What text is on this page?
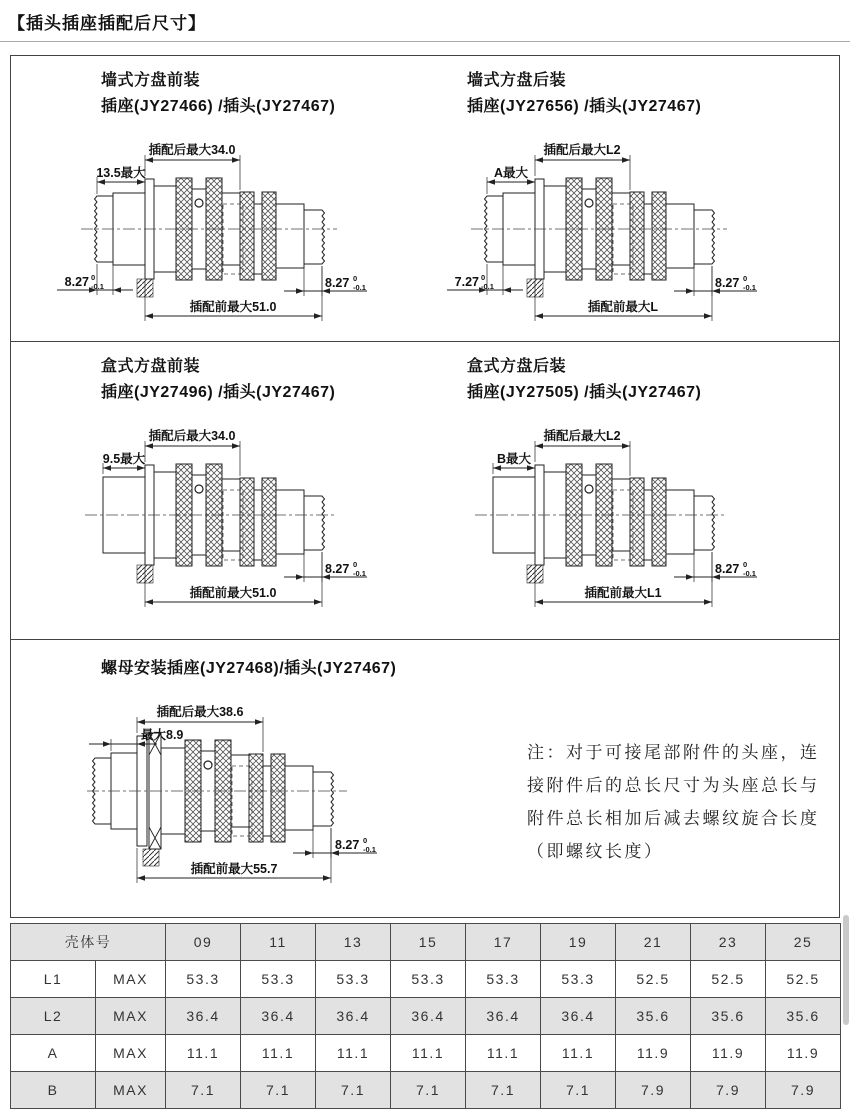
【插头插座插配后尺寸】
墙式方盘前装
插座(JY27466) /插头(JY27467)
插配后最大34.0
13.5最大
8.27 0
-0.1	8.27 0
-0.1
插配前最大51.0
墙式方盘后装
插座(JY27656) /插头(JY27467)
插配后最大L2
A最大
7.27 0
-0.1	8.27 0
-0.1
插配前最大L
盒式方盘前装
插座(JY27496) /插头(JY27467)
插配后最大34.0
9.5最大
8.27 0
-0.1
插配前最大51.0
盒式方盘后装
插座(JY27505) /插头(JY27467)
插配后最大L2
B最大
8.27 0
-0.1
插配前最大L1
螺母安装插座(JY27468)/插头(JY27467)
插配后最大38.6
最大8.9
8.27 0
-0.1
插配前最大55.7
注：对于可接尾部附件的头座，连接附件后的总长尺寸为头座总长与附件总长相加后减去螺纹旋合长度（即螺纹长度）
壳体号		09	11	13	15	17	19	21	23	25
L1	MAX	53.3	53.3	53.3	53.3	53.3	53.3	52.5	52.5	52.5
L2	MAX	36.4	36.4	36.4	36.4	36.4	36.4	35.6	35.6	35.6
A	MAX	11.1	11.1	11.1	11.1	11.1	11.1	11.9	11.9	11.9
B	MAX	7.1	7.1	7.1	7.1	7.1	7.1	7.9	7.9	7.9
